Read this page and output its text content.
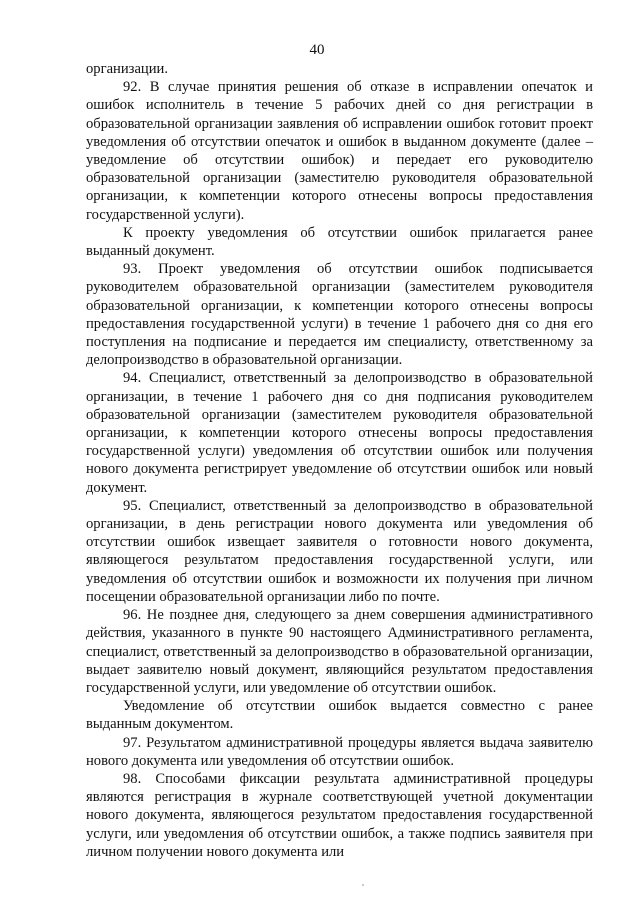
40

организации.

92. В случае принятия решения об отказе в исправлении опечаток и ошибок исполнитель в течение 5 рабочих дней со дня регистрации в образовательной организации заявления об исправлении ошибок готовит проект уведомления об отсутствии опечаток и ошибок в выданном документе (далее – уведомление об отсутствии ошибок) и передает его руководителю образовательной организации (заместителю руководителя образовательной организации, к компетенции которого отнесены вопросы предоставления государственной услуги).

К проекту уведомления об отсутствии ошибок прилагается ранее выданный документ.

93. Проект уведомления об отсутствии ошибок подписывается руководителем образовательной организации (заместителем руководителя образовательной организации, к компетенции которого отнесены вопросы предоставления государственной услуги) в течение 1 рабочего дня со дня его поступления на подписание и передается им специалисту, ответственному за делопроизводство в образовательной организации.

94. Специалист, ответственный за делопроизводство в образовательной организации, в течение 1 рабочего дня со дня подписания руководителем образовательной организации (заместителем руководителя образовательной организации, к компетенции которого отнесены вопросы предоставления государственной услуги) уведомления об отсутствии ошибок или получения нового документа регистрирует уведомление об отсутствии ошибок или новый документ.

95. Специалист, ответственный за делопроизводство в образовательной организации, в день регистрации нового документа или уведомления об отсутствии ошибок извещает заявителя о готовности нового документа, являющегося результатом предоставления государственной услуги, или уведомления об отсутствии ошибок и возможности их получения при личном посещении образовательной организации либо по почте.

96. Не позднее дня, следующего за днем совершения административного действия, указанного в пункте 90 настоящего Административного регламента, специалист, ответственный за делопроизводство в образовательной организации, выдает заявителю новый документ, являющийся результатом предоставления государственной услуги, или уведомление об отсутствии ошибок.

Уведомление об отсутствии ошибок выдается совместно с ранее выданным документом.

97. Результатом административной процедуры является выдача заявителю нового документа или уведомления об отсутствии ошибок.

98. Способами фиксации результата административной процедуры являются регистрация в журнале соответствующей учетной документации нового документа, являющегося результатом предоставления государственной услуги, или уведомления об отсутствии ошибок, а также подпись заявителя при личном получении нового документа или
